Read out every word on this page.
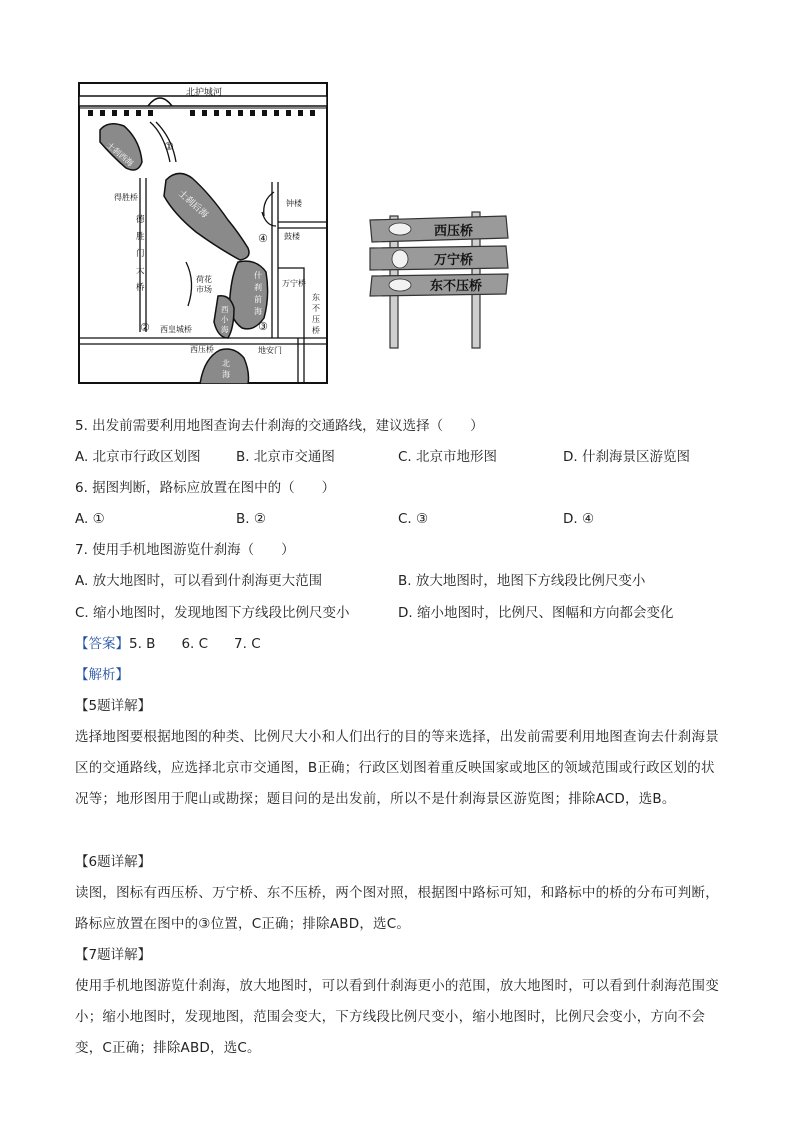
北护城河
士刹西海
士刹后海
得胜桥
德
胜
门
大
桥
钟楼
鼓楼
荷花市场
什
刹
前
海
西
小
海
万宁桥
东
不
压
桥
西皇城桥
西压桥	地安门
北
海
①
②	③
④	西压桥
万宁桥
东不压桥
5. 出发前需要利用地图查询去什刹海的交通路线，建议选择（　　）
A. 北京市行政区划图	B. 北京市交通图	C. 北京市地形图	D. 什刹海景区游览图
6. 据图判断，路标应放置在图中的（　　）
A. ①	B. ②	C. ③	D. ④
7. 使用手机地图游览什刹海（　　）
A. 放大地图时，可以看到什刹海更大范围	B. 放大地图时，地图下方线段比例尺变小
C. 缩小地图时，发现地图下方线段比例尺变小	D. 缩小地图时，比例尺、图幅和方向都会变化
【答案】5. B 6. C 7. C
【解析】
【5题详解】
选择地图要根据地图的种类、比例尺大小和人们出行的目的等来选择，出发前需要利用地图查询去什刹海景区的交通路线，应选择北京市交通图，B正确；行政区划图着重反映国家或地区的领域范围或行政区划的状况等；地形图用于爬山或勘探；题目问的是出发前，所以不是什刹海景区游览图；排除ACD，选B。
【6题详解】
读图，图标有西压桥、万宁桥、东不压桥，两个图对照，根据图中路标可知，和路标中的桥的分布可判断，路标应放置在图中的③位置，C正确；排除ABD，选C。
【7题详解】
使用手机地图游览什刹海，放大地图时，可以看到什刹海更小的范围，放大地图时，可以看到什刹海范围变小；缩小地图时，发现地图，范围会变大，下方线段比例尺变小，缩小地图时，比例尺会变小，方向不会变，C正确；排除ABD，选C。
